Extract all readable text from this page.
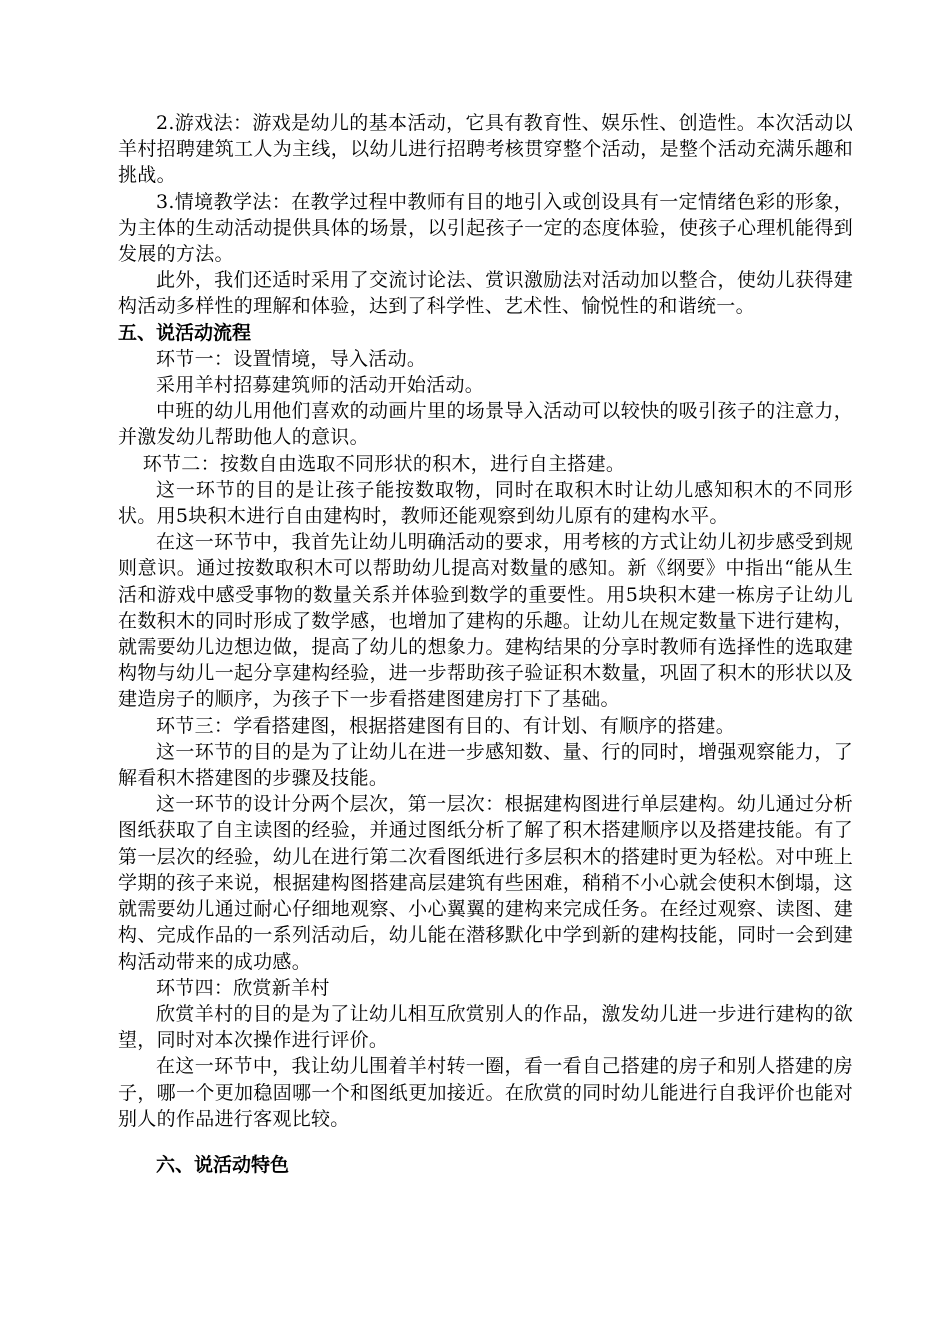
2.游戏法：游戏是幼儿的基本活动，它具有教育性、娱乐性、创造性。本次活动以羊村招聘建筑工人为主线，以幼儿进行招聘考核贯穿整个活动，是整个活动充满乐趣和挑战。

3.情境教学法：在教学过程中教师有目的地引入或创设具有一定情绪色彩的形象，为主体的生动活动提供具体的场景，以引起孩子一定的态度体验，使孩子心理机能得到发展的方法。

此外，我们还适时采用了交流讨论法、赏识激励法对活动加以整合，使幼儿获得建构活动多样性的理解和体验，达到了科学性、艺术性、愉悦性的和谐统一。

五、说活动流程

环节一：设置情境，导入活动。

采用羊村招募建筑师的活动开始活动。

中班的幼儿用他们喜欢的动画片里的场景导入活动可以较快的吸引孩子的注意力，并激发幼儿帮助他人的意识。

环节二：按数自由选取不同形状的积木，进行自主搭建。

这一环节的目的是让孩子能按数取物，同时在取积木时让幼儿感知积木的不同形状。用5块积木进行自由建构时，教师还能观察到幼儿原有的建构水平。

在这一环节中，我首先让幼儿明确活动的要求，用考核的方式让幼儿初步感受到规则意识。通过按数取积木可以帮助幼儿提高对数量的感知。新《纲要》中指出“能从生活和游戏中感受事物的数量关系并体验到数学的重要性。用5块积木建一栋房子让幼儿在数积木的同时形成了数学感，也增加了建构的乐趣。让幼儿在规定数量下进行建构，就需要幼儿边想边做，提高了幼儿的想象力。建构结果的分享时教师有选择性的选取建构物与幼儿一起分享建构经验，进一步帮助孩子验证积木数量，巩固了积木的形状以及建造房子的顺序，为孩子下一步看搭建图建房打下了基础。

环节三：学看搭建图，根据搭建图有目的、有计划、有顺序的搭建。

这一环节的目的是为了让幼儿在进一步感知数、量、行的同时，增强观察能力，了解看积木搭建图的步骤及技能。

这一环节的设计分两个层次，第一层次：根据建构图进行单层建构。幼儿通过分析图纸获取了自主读图的经验，并通过图纸分析了解了积木搭建顺序以及搭建技能。有了第一层次的经验，幼儿在进行第二次看图纸进行多层积木的搭建时更为轻松。对中班上学期的孩子来说，根据建构图搭建高层建筑有些困难，稍稍不小心就会使积木倒塌，这就需要幼儿通过耐心仔细地观察、小心翼翼的建构来完成任务。在经过观察、读图、建构、完成作品的一系列活动后，幼儿能在潜移默化中学到新的建构技能，同时一会到建构活动带来的成功感。

环节四：欣赏新羊村

欣赏羊村的目的是为了让幼儿相互欣赏别人的作品，激发幼儿进一步进行建构的欲望，同时对本次操作进行评价。

在这一环节中，我让幼儿围着羊村转一圈，看一看自己搭建的房子和别人搭建的房子，哪一个更加稳固哪一个和图纸更加接近。在欣赏的同时幼儿能进行自我评价也能对别人的作品进行客观比较。

六、说活动特色
